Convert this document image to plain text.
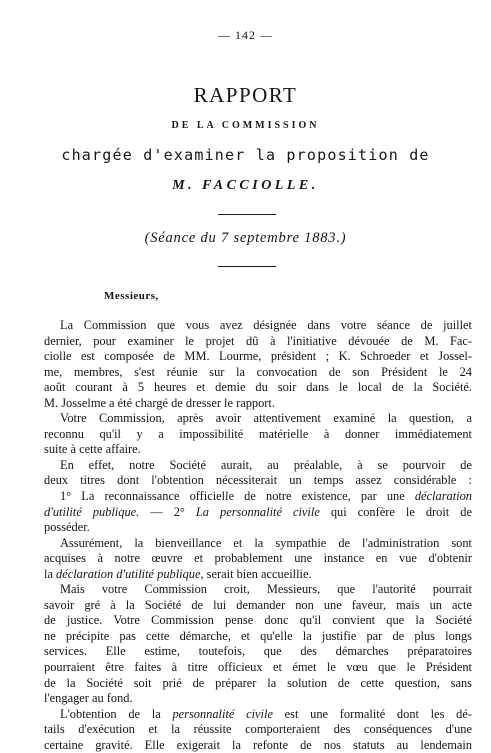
— 142 —
RAPPORT
DE LA COMMISSION
chargée d'examiner la proposition de
M. FACCIOLLE.
(Séance du 7 septembre 1883.)
Messieurs,
La Commission que vous avez désignée dans votre séance de juillet
dernier, pour examiner le projet dû à l'initiative dévouée de M. Fac-
ciolle est composée de MM. Lourme, président ; K. Schroeder et Jossel-
me, membres, s'est réunie sur la convocation de son Président le 24
août courant à 5 heures et demie du soir dans le local de la Société.
M. Josselme a été chargé de dresser le rapport.
Votre Commission, après avoir attentivement examiné la question, a
reconnu qu'il y a impossibilité matérielle à donner immédiatement
suite à cette affaire.
En effet, notre Société aurait, au préalable, à se pourvoir de
deux titres dont l'obtention nécessiterait un temps assez considérable :
1° La reconnaissance officielle de notre existence, par une déclaration
d'utilité publique. — 2° La personnalité civile qui confère le droit de
posséder.
Assurément, la bienveillance et la sympathie de l'administration sont
acquises à notre œuvre et probablement une instance en vue d'obtenir
la déclaration d'utilité publique, serait bien accueillie.
Mais votre Commission croit, Messieurs, que l'autorité pourrait
savoir gré à la Société de lui demander non une faveur, mais un acte
de justice. Votre Commission pense donc qu'il convient que la Société
ne précipite pas cette démarche, et qu'elle la justifie par de plus longs
services. Elle estime, toutefois, que des démarches préparatoires
pourraient être faites à titre officieux et émet le vœu que le Président
de la Société soit prié de préparer la solution de cette question, sans
l'engager au fond.
L'obtention de la personnalité civile est une formalité dont les dé-
tails d'exécution et la réussite comporteraient des conséquences d'une
certaine gravité. Elle exigerait la refonte de nos statuts au lendemain
